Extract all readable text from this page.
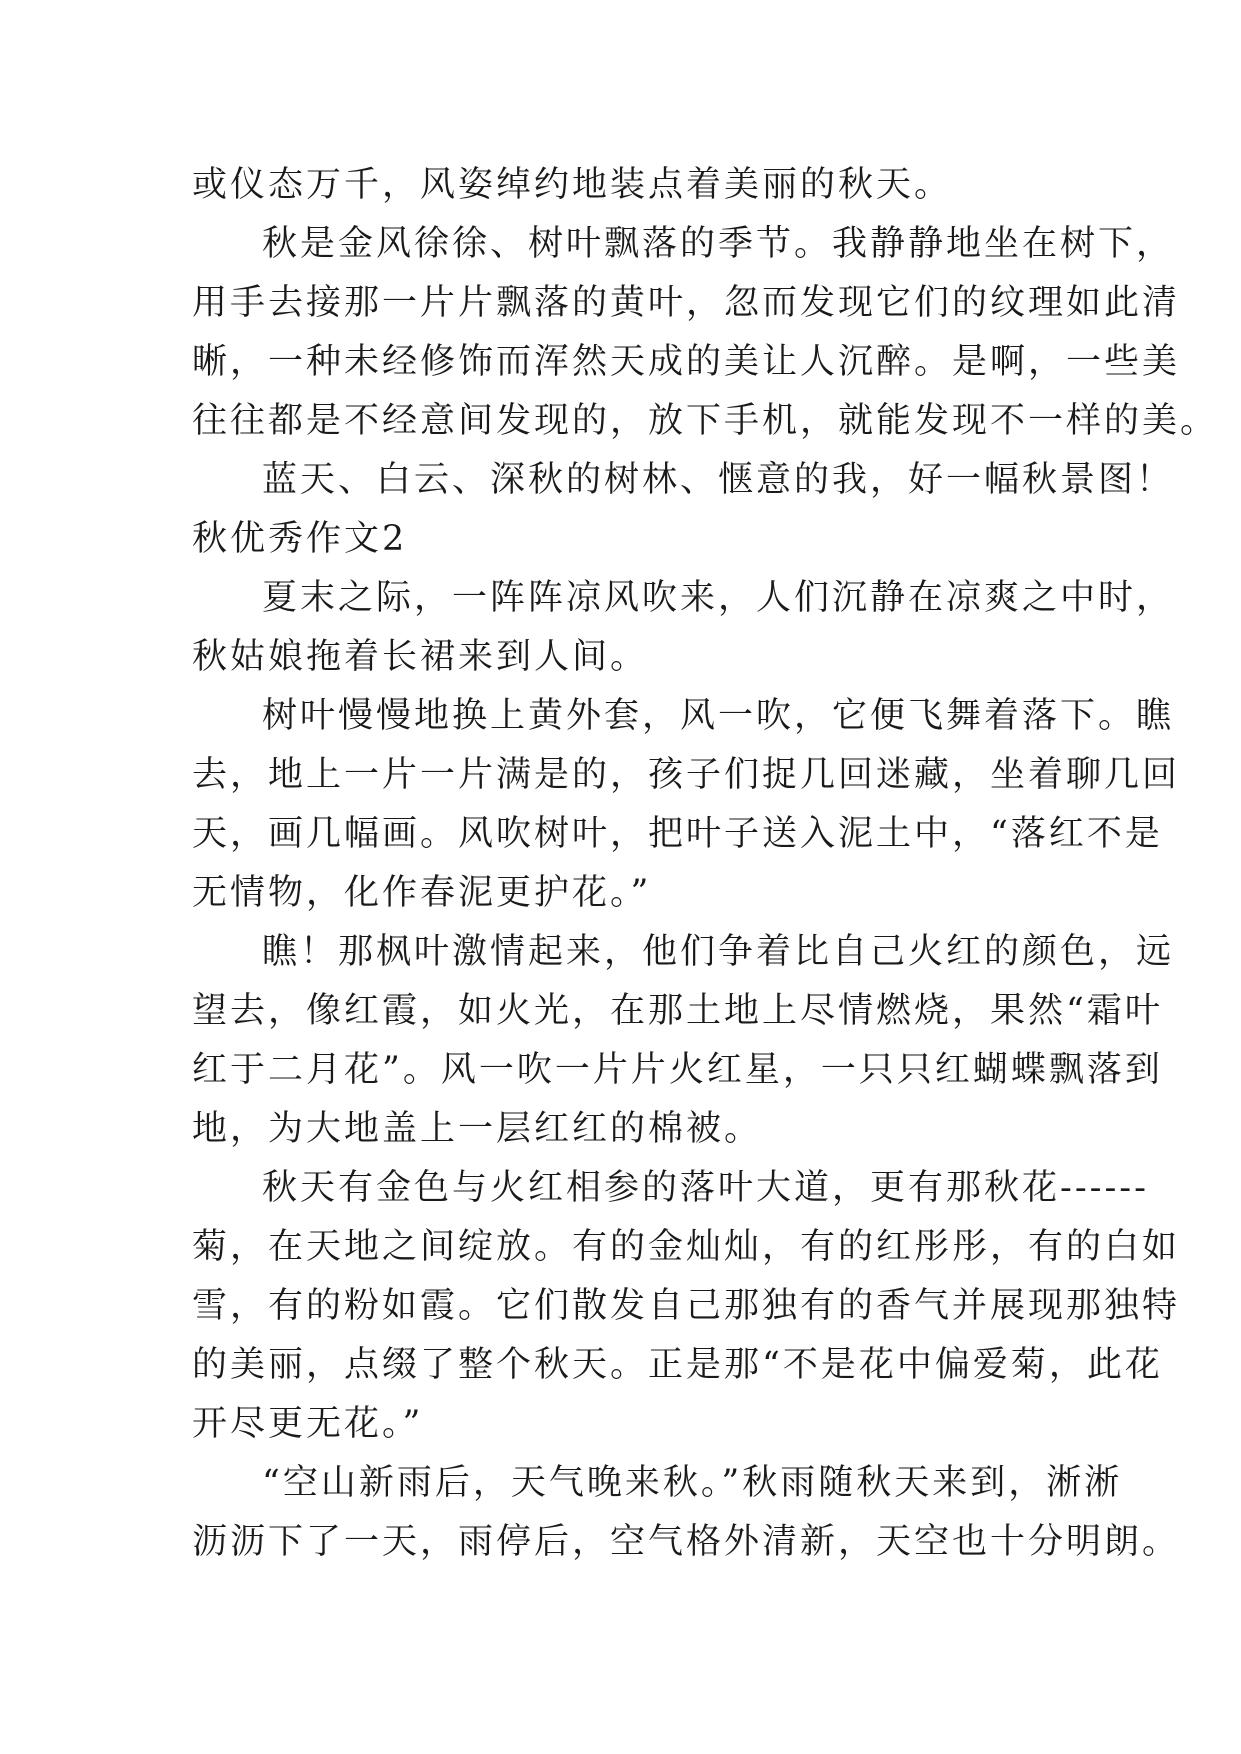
或仪态万千，风姿绰约地装点着美丽的秋天。
秋是金风徐徐、树叶飘落的季节。我静静地坐在树下，
用手去接那一片片飘落的黄叶，忽而发现它们的纹理如此清
晰，一种未经修饰而浑然天成的美让人沉醉。是啊，一些美
往往都是不经意间发现的，放下手机，就能发现不一样的美。
蓝天、白云、深秋的树林、惬意的我，好一幅秋景图！
秋优秀作文2
夏末之际，一阵阵凉风吹来，人们沉静在凉爽之中时，
秋姑娘拖着长裙来到人间。
树叶慢慢地换上黄外套，风一吹，它便飞舞着落下。瞧
去，地上一片一片满是的，孩子们捉几回迷藏，坐着聊几回
天，画几幅画。风吹树叶，把叶子送入泥土中，“落红不是
无情物，化作春泥更护花。”
瞧！那枫叶激情起来，他们争着比自己火红的颜色，远
望去，像红霞，如火光，在那土地上尽情燃烧，果然“霜叶
红于二月花”。风一吹一片片火红星，一只只红蝴蝶飘落到
地，为大地盖上一层红红的棉被。
秋天有金色与火红相参的落叶大道，更有那秋花------
菊，在天地之间绽放。有的金灿灿，有的红彤彤，有的白如
雪，有的粉如霞。它们散发自己那独有的香气并展现那独特
的美丽，点缀了整个秋天。正是那“不是花中偏爱菊，此花
开尽更无花。”
“空山新雨后，天气晚来秋。”秋雨随秋天来到，淅淅
沥沥下了一天，雨停后，空气格外清新，天空也十分明朗。
